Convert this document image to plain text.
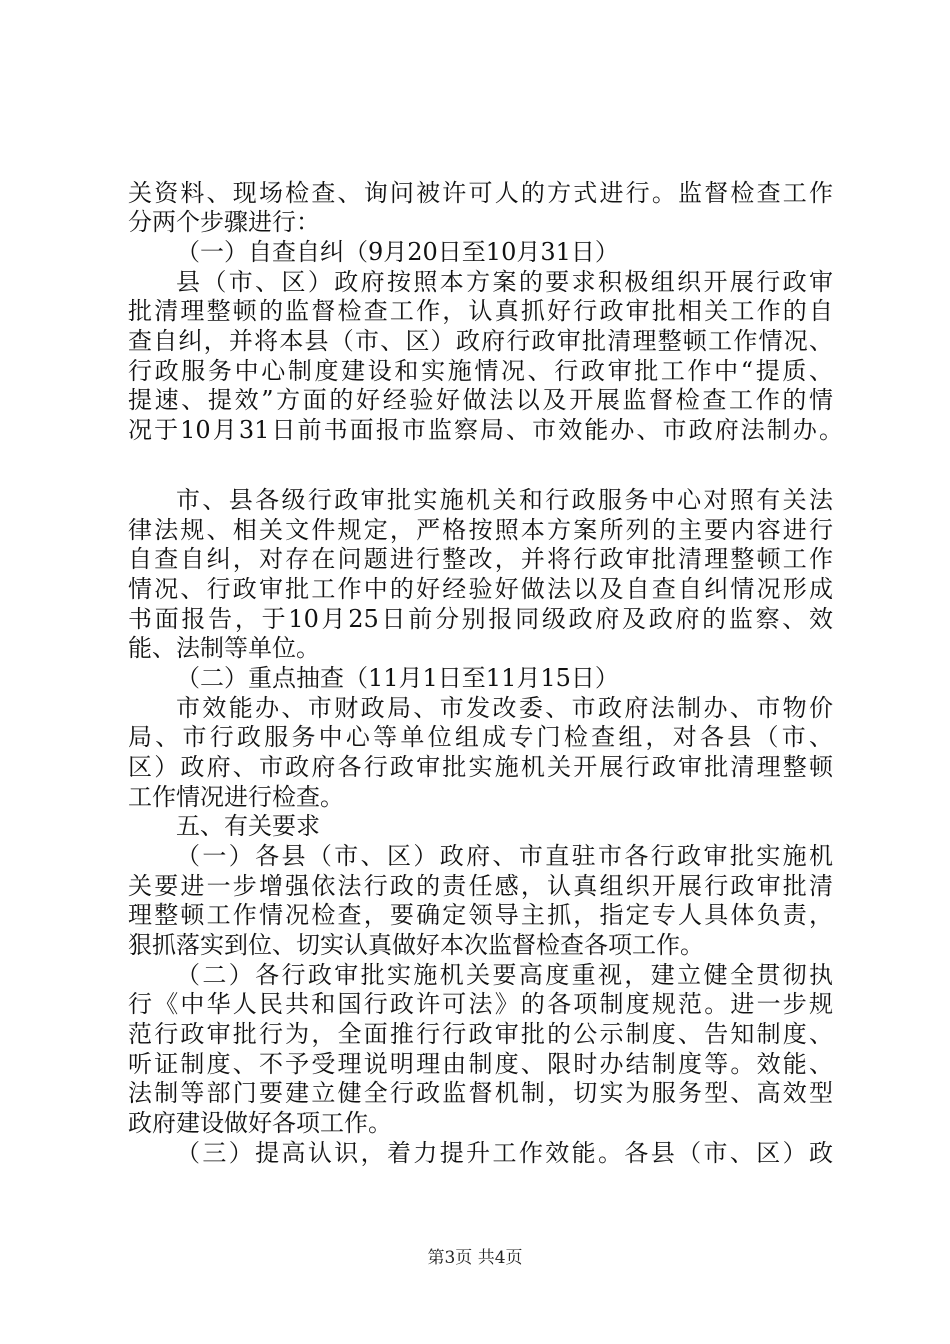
关资料、现场检查、询问被许可人的方式进行。监督检查工作
分两个步骤进行：
（一）自查自纠（9月20日至10月31日）
县（市、区）政府按照本方案的要求积极组织开展行政审
批清理整顿的监督检查工作，认真抓好行政审批相关工作的自
查自纠，并将本县（市、区）政府行政审批清理整顿工作情况、
行政服务中心制度建设和实施情况、行政审批工作中“提质、
提速、提效”方面的好经验好做法以及开展监督检查工作的情
况于10月31日前书面报市监察局、市效能办、市政府法制办。
市、县各级行政审批实施机关和行政服务中心对照有关法
律法规、相关文件规定，严格按照本方案所列的主要内容进行
自查自纠，对存在问题进行整改，并将行政审批清理整顿工作
情况、行政审批工作中的好经验好做法以及自查自纠情况形成
书面报告，于10月25日前分别报同级政府及政府的监察、效
能、法制等单位。
（二）重点抽查（11月1日至11月15日）
市效能办、市财政局、市发改委、市政府法制办、市物价
局、市行政服务中心等单位组成专门检查组，对各县（市、
区）政府、市政府各行政审批实施机关开展行政审批清理整顿
工作情况进行检查。
五、有关要求
（一）各县（市、区）政府、市直驻市各行政审批实施机
关要进一步增强依法行政的责任感，认真组织开展行政审批清
理整顿工作情况检查，要确定领导主抓，指定专人具体负责，
狠抓落实到位、切实认真做好本次监督检查各项工作。
（二）各行政审批实施机关要高度重视，建立健全贯彻执
行《中华人民共和国行政许可法》的各项制度规范。进一步规
范行政审批行为，全面推行行政审批的公示制度、告知制度、
听证制度、不予受理说明理由制度、限时办结制度等。效能、
法制等部门要建立健全行政监督机制，切实为服务型、高效型
政府建设做好各项工作。
（三）提高认识，着力提升工作效能。各县（市、区）政
第3页 共4页
